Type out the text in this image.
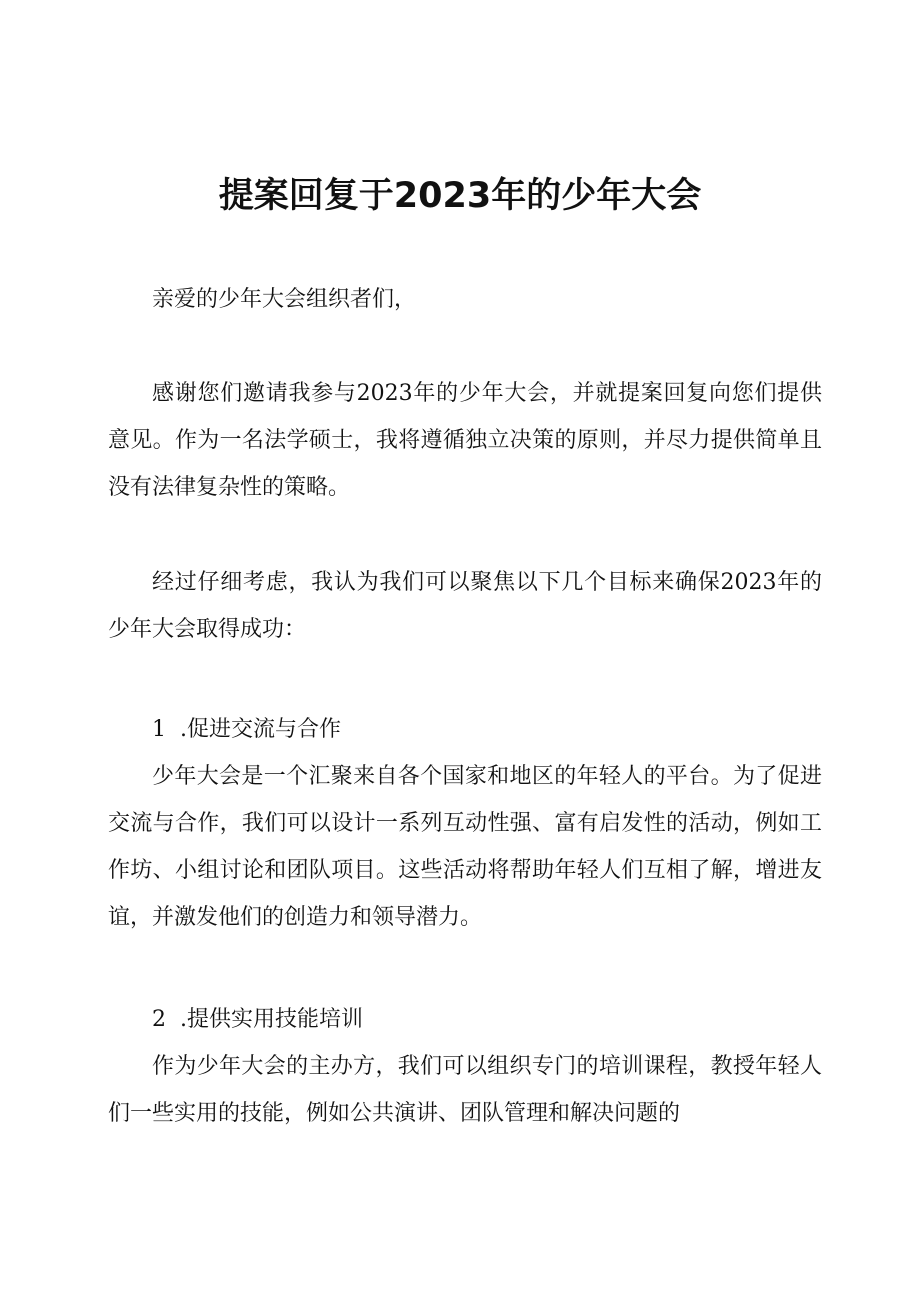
提案回复于2023年的少年大会

亲爱的少年大会组织者们，

感谢您们邀请我参与2023年的少年大会，并就提案回复向您们提供意见。作为一名法学硕士，我将遵循独立决策的原则，并尽力提供简单且没有法律复杂性的策略。

经过仔细考虑，我认为我们可以聚焦以下几个目标来确保2023年的少年大会取得成功：

1 .促进交流与合作

少年大会是一个汇聚来自各个国家和地区的年轻人的平台。为了促进交流与合作，我们可以设计一系列互动性强、富有启发性的活动，例如工作坊、小组讨论和团队项目。这些活动将帮助年轻人们互相了解，增进友谊，并激发他们的创造力和领导潜力。

2 .提供实用技能培训

作为少年大会的主办方，我们可以组织专门的培训课程，教授年轻人们一些实用的技能，例如公共演讲、团队管理和解决问题的
